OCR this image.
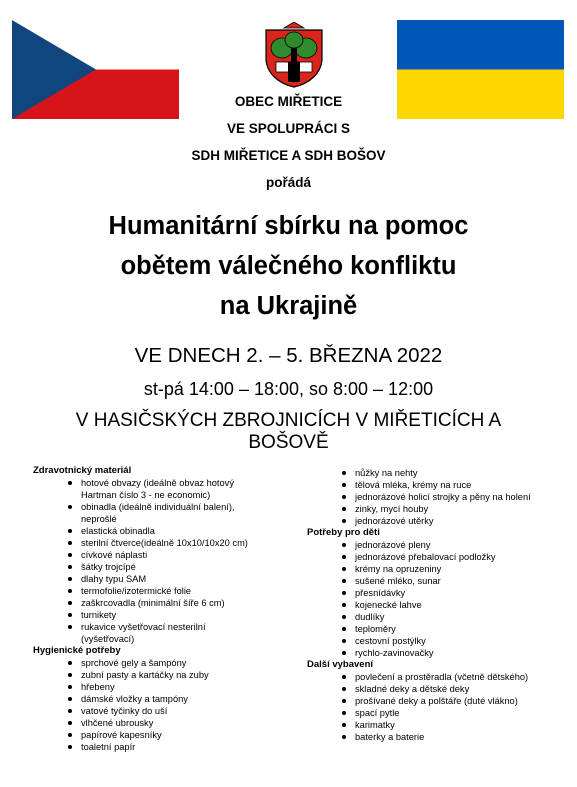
OBEC MIŘETICE
VE SPOLUPRÁCI S
SDH MIŘETICE A SDH BOŠOV
pořádá
Humanitární sbírku na pomoc
obětem válečného konfliktu
na Ukrajině
VE DNECH 2. – 5. BŘEZNA 2022
st-pá 14:00 – 18:00, so 8:00 – 12:00
V HASIČSKÝCH ZBROJNICÍCH V MIŘETICÍCH A
BOŠOVĚ
Zdravotnický materiál
hotové obvazy (ideálně obvaz hotový
Hartman číslo 3 - ne economic)
obinadla (ideálně individuální balení),
neprošlé
elastická obinadla
sterilní čtverce(ideálně 10x10/10x20 cm)
cívkové náplasti
šátky trojcípé
dlahy typu SAM
termofolie/izotermické folie
zaškrcovadla (minimální šíře 6 cm)
turnikety
rukavice vyšetřovací nesterilní
(vyšetřovací)
Hygienické potřeby
sprchové gely a šampóny
zubní pasty a kartáčky na zuby
hřebeny
dámské vložky a tampóny
vatové tyčinky do uší
vlhčené ubrousky
papírové kapesníky
toaletní papír
nůžky na nehty
tělová mléka, krémy na ruce
jednorázové holicí strojky a pěny na holení
zinky, mycí houby
jednorázové utěrky
Potřeby pro děti
jednorázové pleny
jednorázové přebalovací podložky
krémy na opruzeniny
sušené mléko, sunar
přesnídávky
kojenecké lahve
dudlíky
teploměry
cestovní postýlky
rychlo-zavinovačky
Další vybavení
povlečení a prostěradla (včetně dětského)
skladné deky a dětské deky
prošívané deky a polštáře (duté vlákno)
spací pytle
karimatky
baterky a baterie
